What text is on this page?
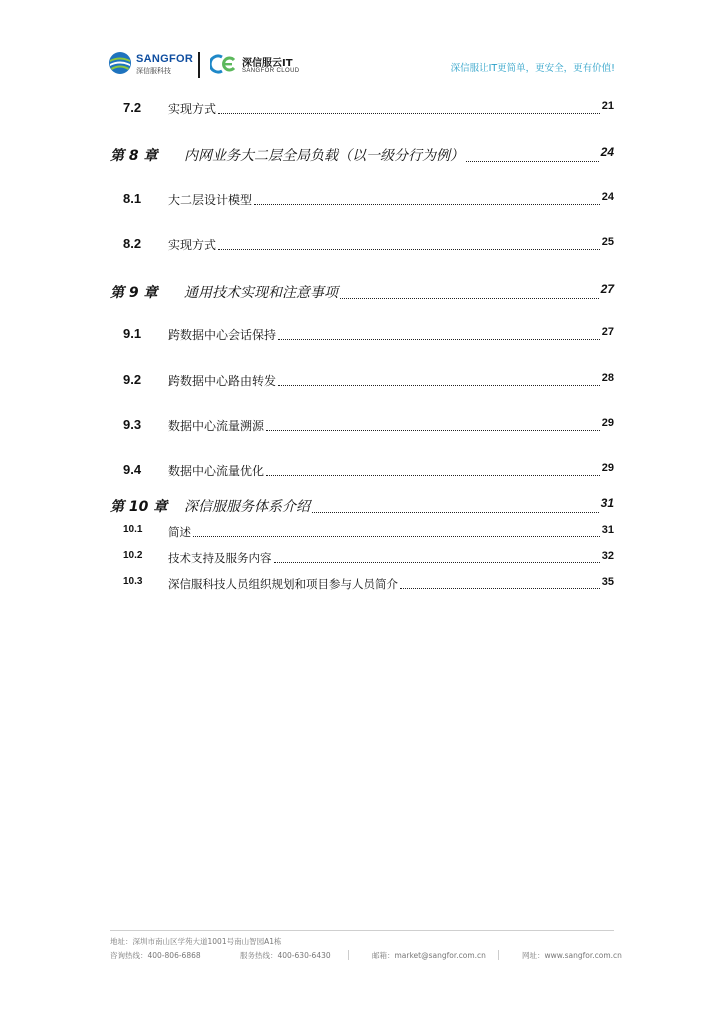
SANGFOR
深信服科技
深信服云IT
SANGFOR CLOUD	深信服让IT更简单，更安全，更有价值!
7.2 实现方式	21
第 8 章 内网业务大二层全局负载（以一级分行为例）	24
8.1 大二层设计模型	24
8.2 实现方式	25
第 9 章 通用技术实现和注意事项	27
9.1 跨数据中心会话保持	27
9.2 跨数据中心路由转发	28
9.3 数据中心流量溯源	29
9.4 数据中心流量优化	29
第 10 章 深信服服务体系介绍	31
10.1 简述	31
10.2 技术支持及服务内容	32
10.3 深信服科技人员组织规划和项目参与人员简介	35
地址：深圳市南山区学苑大道1001号南山智园A1栋
咨询热线：400-806-6868	服务热线：400-630-6430	邮箱：market@sangfor.com.cn	网址：www.sangfor.com.cn
